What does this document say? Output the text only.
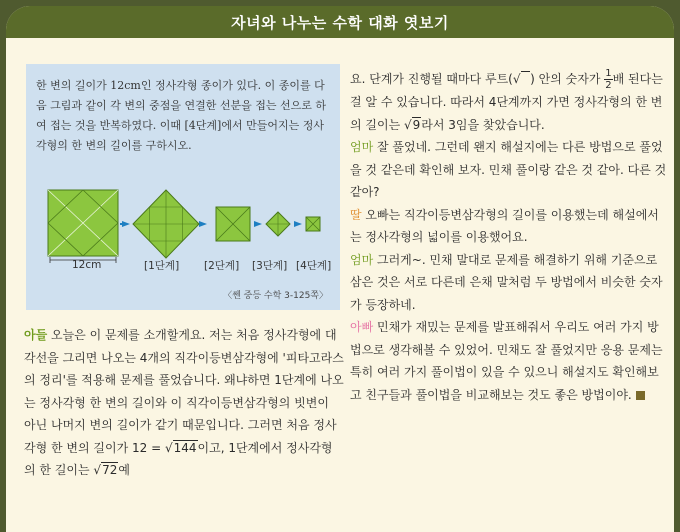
자녀와 나누는 수학 대화 엿보기
한 변의 길이가 12cm인 정사각형 종이가 있다. 이 종이를 다음 그림과 같이 각 변의 중점을 연결한 선분을 접는 선으로 하여 접는 것을 반복하였다. 이때 [4단계]에서 만들어지는 정사각형의 한 변의 길이를 구하시오.
12cm	[1단계] [2단계] [3단계] [4단계]
〈쎈 중등 수학 3-125쪽〉

아들 오늘은 이 문제를 소개할게요. 저는 처음 정사각형에 대각선을 그리면 나오는 4개의 직각이등변삼각형에 '피타고라스의 정리'를 적용해 문제를 풀었습니다. 왜냐하면 1단계에 나오는 정사각형 한 변의 길이와 이 직각이등변삼각형의 빗변이 아닌 나머지 변의 길이가 같기 때문입니다. 그러면 처음 정사각형 한 변의 길이가 12 = √144이고, 1단계에서 정사각형의 한 길이는 √72예

요. 단계가 진행될 때마다 루트(√ ) 안의 숫자가 $\frac{1}{2}$ 배 된다는 걸 알 수 있습니다. 따라서 4단계까지 가면 정사각형의 한 변의 길이는 √9라서 3임을 찾았습니다.

엄마 잘 풀었네. 그런데 왠지 해설지에는 다른 방법으로 풀었을 것 같은데 확인해 보자. 민채 풀이랑 같은 것 같아. 다른 것 같아?

딸 오빠는 직각이등변삼각형의 길이를 이용했는데 해설에서는 정사각형의 넓이를 이용했어요.

엄마 그러게~. 민채 말대로 문제를 해결하기 위해 기준으로 삼은 것은 서로 다른데 은채 말처럼 두 방법에서 비슷한 숫자가 등장하네.

아빠 민채가 재밌는 문제를 발표해줘서 우리도 여러 가지 방법으로 생각해볼 수 있었어. 민채도 잘 풀었지만 응용 문제는 특히 여러 가지 풀이법이 있을 수 있으니 해설지도 확인해보고 친구들과 풀이법을 비교해보는 것도 좋은 방법이야.
